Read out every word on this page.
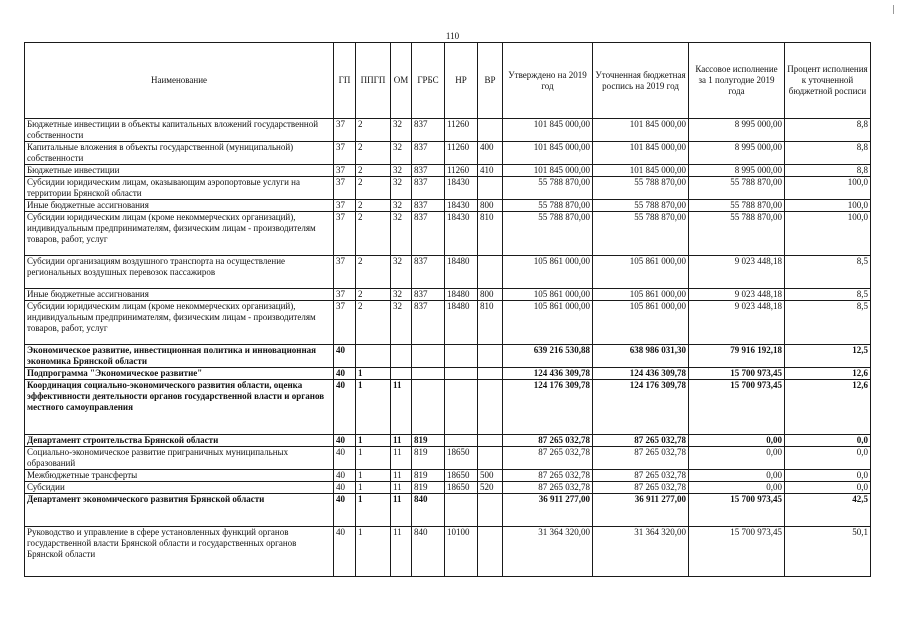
110
Наименование	ГП	ППГП	ОМ	ГРБС	НР	ВР	Утверждено на 2019 год	Уточненная бюджетная роспись на 2019 год	Кассовое исполнение за 1 полугодие 2019 года	Процент исполнения к уточненной бюджетной росписи
Бюджетные инвестиции в объекты капитальных вложений государственной собственности	37	2	32	837	11260		101 845 000,00	101 845 000,00	8 995 000,00	8,8
Капитальные вложения в объекты государственной (муниципальной) собственности	37	2	32	837	11260	400	101 845 000,00	101 845 000,00	8 995 000,00	8,8
Бюджетные инвестиции	37	2	32	837	11260	410	101 845 000,00	101 845 000,00	8 995 000,00	8,8
Субсидии юридическим лицам, оказывающим аэропортовые услуги на территории Брянской области	37	2	32	837	18430		55 788 870,00	55 788 870,00	55 788 870,00	100,0
Иные бюджетные ассигнования	37	2	32	837	18430	800	55 788 870,00	55 788 870,00	55 788 870,00	100,0
Субсидии юридическим лицам (кроме некоммерческих организаций), индивидуальным предпринимателям, физическим лицам - производителям товаров, работ, услуг	37	2	32	837	18430	810	55 788 870,00	55 788 870,00	55 788 870,00	100,0
Субсидии организациям воздушного транспорта на осуществление региональных воздушных перевозок пассажиров	37	2	32	837	18480		105 861 000,00	105 861 000,00	9 023 448,18	8,5
Иные бюджетные ассигнования	37	2	32	837	18480	800	105 861 000,00	105 861 000,00	9 023 448,18	8,5
Субсидии юридическим лицам (кроме некоммерческих организаций), индивидуальным предпринимателям, физическим лицам - производителям товаров, работ, услуг	37	2	32	837	18480	810	105 861 000,00	105 861 000,00	9 023 448,18	8,5
Экономическое развитие, инвестиционная политика и инновационная экономика Брянской области	40						639 216 530,88	638 986 031,30	79 916 192,18	12,5
Подпрограмма "Экономическое развитие"	40	1					124 436 309,78	124 436 309,78	15 700 973,45	12,6
Координация социально-экономического развития области, оценка эффективности деятельности органов государственной власти и органов местного самоуправления	40	1	11				124 176 309,78	124 176 309,78	15 700 973,45	12,6
Департамент строительства Брянской области	40	1	11	819			87 265 032,78	87 265 032,78	0,00	0,0
Социально-экономическое развитие приграничных муниципальных образований	40	1	11	819	18650		87 265 032,78	87 265 032,78	0,00	0,0
Межбюджетные трансферты	40	1	11	819	18650	500	87 265 032,78	87 265 032,78	0,00	0,0
Субсидии	40	1	11	819	18650	520	87 265 032,78	87 265 032,78	0,00	0,0
Департамент экономического развития Брянской области	40	1	11	840			36 911 277,00	36 911 277,00	15 700 973,45	42,5
Руководство и управление в сфере установленных функций органов государственной власти Брянской области и государственных органов Брянской области	40	1	11	840	10100		31 364 320,00	31 364 320,00	15 700 973,45	50,1
